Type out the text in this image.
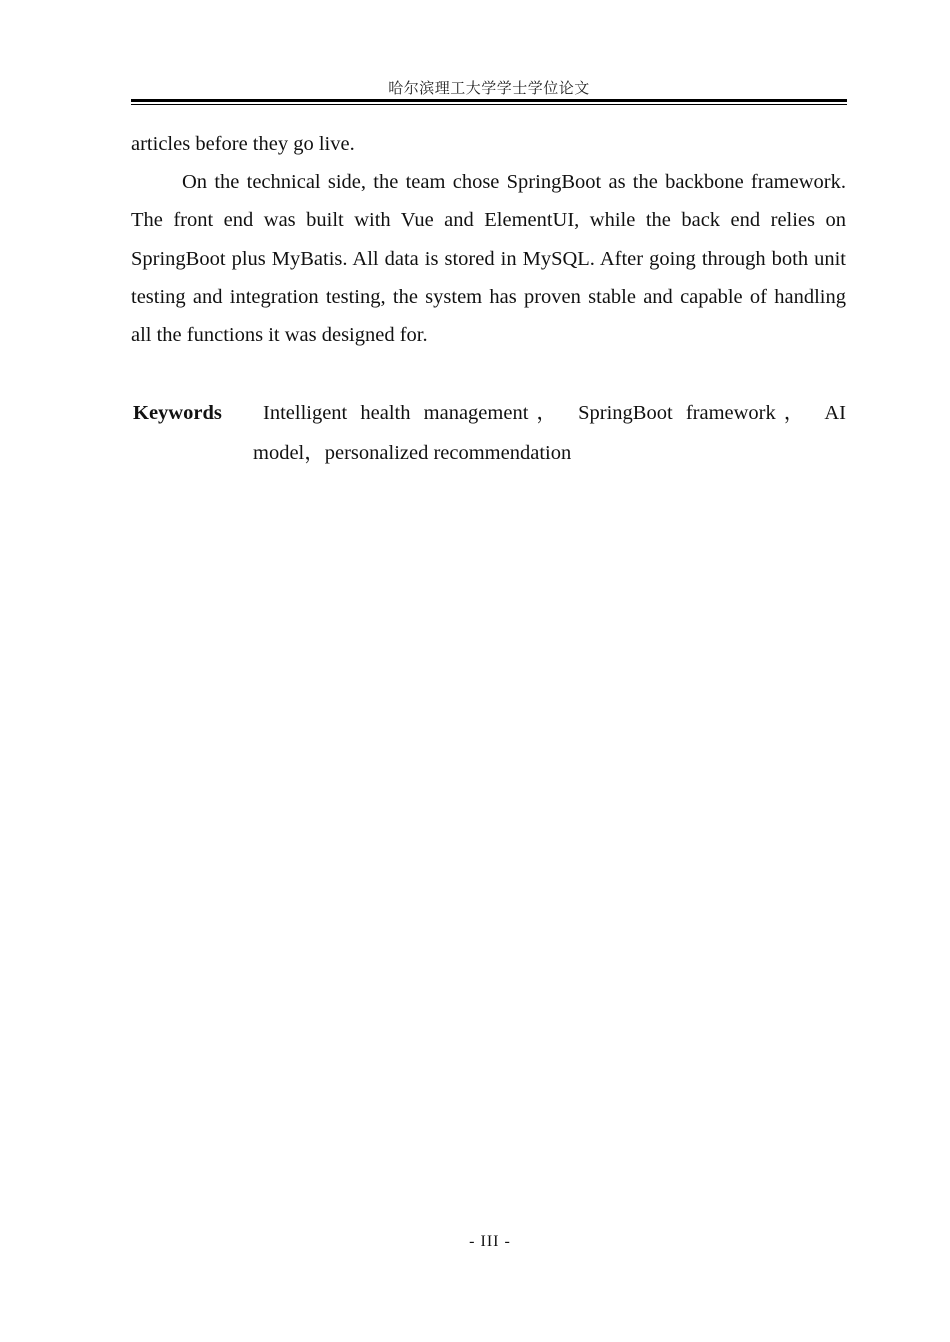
哈尔滨理工大学学士学位论文

articles before they go live.

On the technical side, the team chose SpringBoot as the backbone framework. The front end was built with Vue and ElementUI, while the back end relies on SpringBoot plus MyBatis. All data is stored in MySQL. After going through both unit testing and integration testing, the system has proven stable and capable of handling all the functions it was designed for.

Keywords	Intelligent health management， SpringBoot framework， AI
model，personalized recommendation
- III -
